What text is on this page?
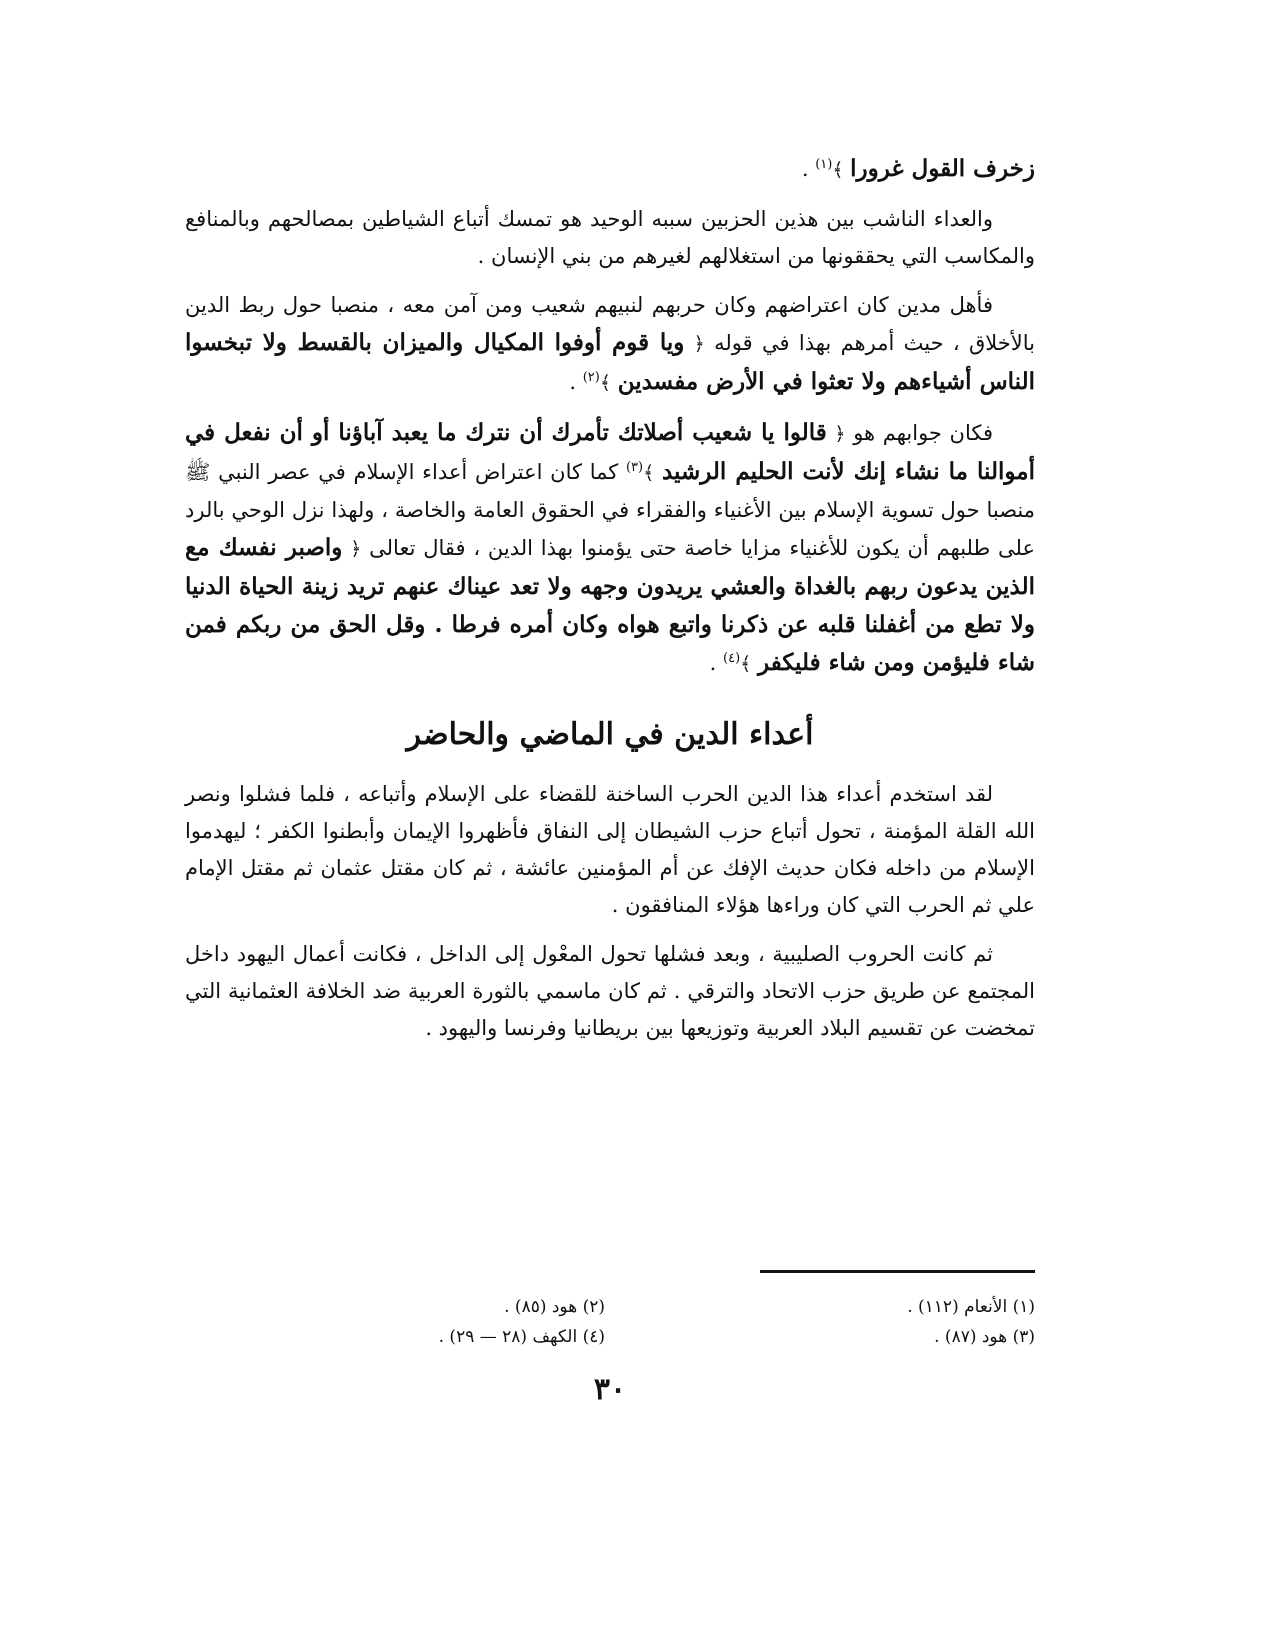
زخرف القول غرورا ﴾$^{(١)}$ .

والعداء الناشب بين هذين الحزبين سببه الوحيد هو تمسك أتباع الشياطين بمصالحهم وبالمنافع والمكاسب التي يحققونها من استغلالهم لغيرهم من بني الإنسان .

فأهل مدين كان اعتراضهم وكان حربهم لنبيهم شعيب ومن آمن معه ، منصبا حول ربط الدين بالأخلاق ، حيث أمرهم بهذا في قوله ﴿ ويا قوم أوفوا المكيال والميزان بالقسط ولا تبخسوا الناس أشياءهم ولا تعثوا في الأرض مفسدين ﴾$^{(٢)}$ .

فكان جوابهم هو ﴿ قالوا يا شعيب أصلاتك تأمرك أن نترك ما يعبد آباؤنا أو أن نفعل في أموالنا ما نشاء إنك لأنت الحليم الرشيد ﴾$^{(٣)}$ كما كان اعتراض أعداء الإسلام في عصر النبي ﷺ منصبا حول تسوية الإسلام بين الأغنياء والفقراء في الحقوق العامة والخاصة ، ولهذا نزل الوحي بالرد على طلبهم أن يكون للأغنياء مزايا خاصة حتى يؤمنوا بهذا الدين ، فقال تعالى ﴿ واصبر نفسك مع الذين يدعون ربهم بالغداة والعشي يريدون وجهه ولا تعد عيناك عنهم تريد زينة الحياة الدنيا ولا تطع من أغفلنا قلبه عن ذكرنا واتبع هواه وكان أمره فرطا . وقل الحق من ربكم فمن شاء فليؤمن ومن شاء فليكفر ﴾$^{(٤)}$ .

أعداء الدين في الماضي والحاضر

لقد استخدم أعداء هذا الدين الحرب الساخنة للقضاء على الإسلام وأتباعه ، فلما فشلوا ونصر الله القلة المؤمنة ، تحول أتباع حزب الشيطان إلى النفاق فأظهروا الإيمان وأبطنوا الكفر ؛ ليهدموا الإسلام من داخله فكان حديث الإفك عن أم المؤمنين عائشة ، ثم كان مقتل عثمان ثم مقتل الإمام علي ثم الحرب التي كان وراءها هؤلاء المنافقون .

ثم كانت الحروب الصليبية ، وبعد فشلها تحول المعْول إلى الداخل ، فكانت أعمال اليهود داخل المجتمع عن طريق حزب الاتحاد والترقي . ثم كان ماسمي بالثورة العربية ضد الخلافة العثمانية التي تمخضت عن تقسيم البلاد العربية وتوزيعها بين بريطانيا وفرنسا واليهود .

(١) الأنعام (١١٢) .
(٣) هود (٨٧) .
(٢) هود (٨٥) .
(٤) الكهف (٢٨ — ٢٩) .
٣٠
